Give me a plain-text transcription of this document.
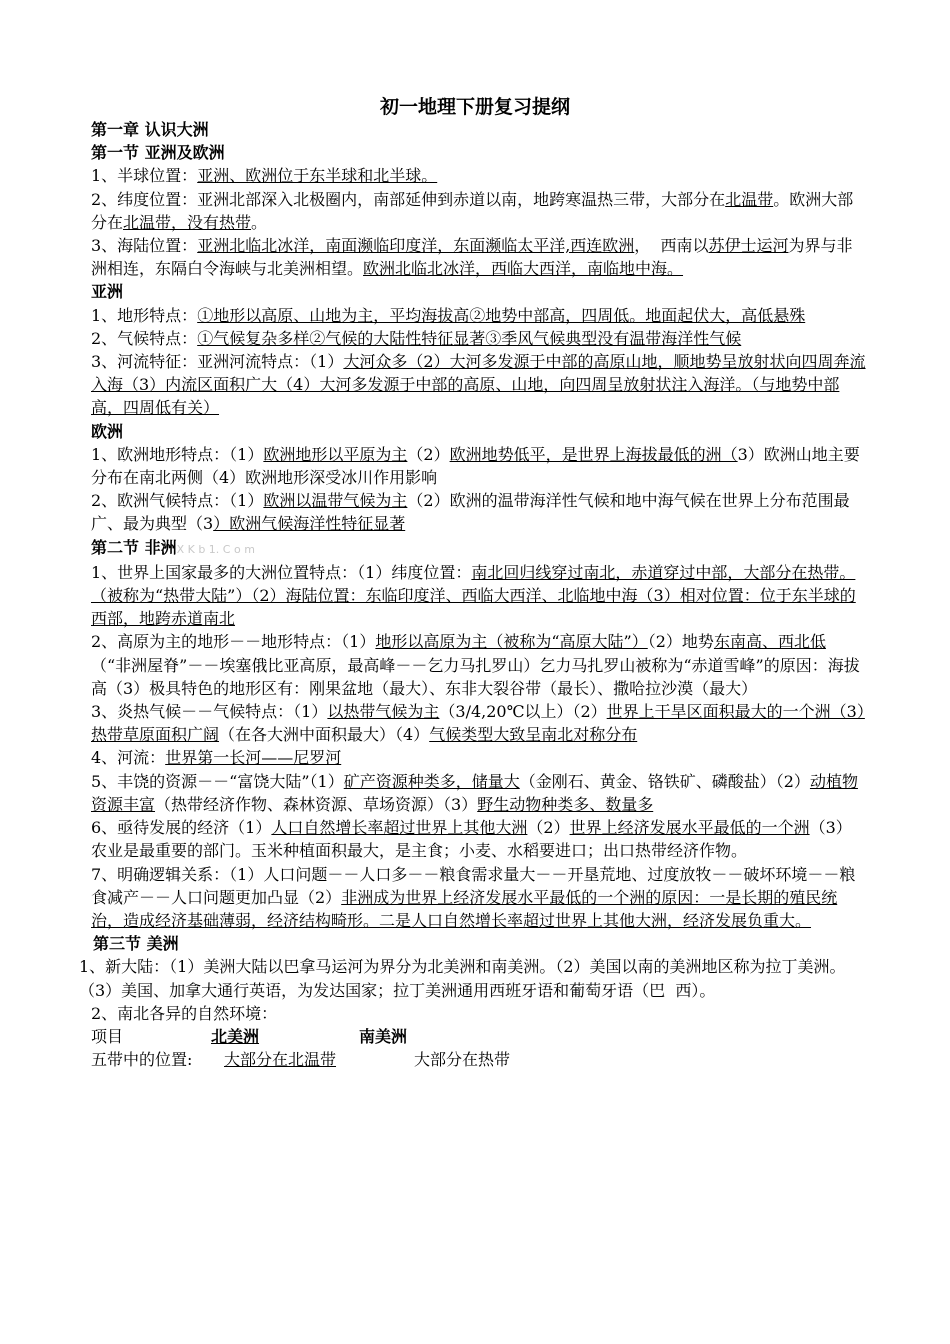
初一地理下册复习提纲

第一章 认识大洲

第一节 亚洲及欧洲

1、半球位置：亚洲、欧洲位于东半球和北半球。

2、纬度位置：亚洲北部深入北极圈内，南部延伸到赤道以南，地跨寒温热三带，大部分在北温带。欧洲大部分在北温带，没有热带。

3、海陆位置：亚洲北临北冰洋，南面濒临印度洋，东面濒临太平洋,西连欧洲，  西南以苏伊士运河为界与非洲相连，东隔白令海峡与北美洲相望。欧洲北临北冰洋，西临大西洋，南临地中海。

亚洲

1、地形特点：①地形以高原、山地为主，平均海拔高②地势中部高，四周低。地面起伏大，高低悬殊

2、气候特点：①气候复杂多样②气候的大陆性特征显著③季风气候典型没有温带海洋性气候

3、河流特征：亚洲河流特点：（1）大河众多（2）大河多发源于中部的高原山地，顺地势呈放射状向四周奔流入海（3）内流区面积广大（4）大河多发源于中部的高原、山地，向四周呈放射状注入海洋。（与地势中部高，四周低有关）

欧洲

1、欧洲地形特点：（1）欧洲地形以平原为主（2）欧洲地势低平，是世界上海拔最低的洲（3）欧洲山地主要分布在南北两侧（4）欧洲地形深受冰川作用影响

2、欧洲气候特点：（1）欧洲以温带气候为主（2）欧洲的温带海洋性气候和地中海气候在世界上分布范围最广、最为典型（3）欧洲气候海洋性特征显著

第二节 非洲X K b 1. C o m

1、世界上国家最多的大洲位置特点：（1）纬度位置：南北回归线穿过南北，赤道穿过中部，大部分在热带。（被称为“热带大陆”）（2）海陆位置：东临印度洋、西临大西洋、北临地中海（3）相对位置：位于东半球的西部，地跨赤道南北

2、高原为主的地形－－地形特点：（1）地形以高原为主（被称为“高原大陆”）（2）地势东南高、西北低（“非洲屋脊”－－埃塞俄比亚高原，最高峰－－乞力马扎罗山）乞力马扎罗山被称为“赤道雪峰”的原因：海拔高（3）极具特色的地形区有：刚果盆地（最大）、东非大裂谷带（最长）、撒哈拉沙漠（最大）

3、炎热气候－－气候特点：（1）以热带气候为主（3/4,20℃以上）（2）世界上干旱区面积最大的一个洲（3）热带草原面积广阔（在各大洲中面积最大）（4）气候类型大致呈南北对称分布

4、河流：世界第一长河——尼罗河

5、丰饶的资源－－“富饶大陆”（1）矿产资源种类多，储量大（金刚石、黄金、铬铁矿、磷酸盐）（2）动植物资源丰富（热带经济作物、森林资源、草场资源）（3）野生动物种类多、数量多

6、亟待发展的经济（1）人口自然增长率超过世界上其他大洲（2）世界上经济发展水平最低的一个洲（3）农业是最重要的部门。玉米种植面积最大，是主食；小麦、水稻要进口；出口热带经济作物。

7、明确逻辑关系：（1）人口问题－－人口多－－粮食需求量大－－开垦荒地、过度放牧－－破坏环境－－粮食减产－－人口问题更加凸显（2）非洲成为世界上经济发展水平最低的一个洲的原因：一是长期的殖民统治，造成经济基础薄弱，经济结构畸形。二是人口自然增长率超过世界上其他大洲，经济发展负重大。

第三节 美洲

1、新大陆：（1）美洲大陆以巴拿马运河为界分为北美洲和南美洲。（2）美国以南的美洲地区称为拉丁美洲。

（3）美国、加拿大通行英语，为发达国家；拉丁美洲通用西班牙语和葡萄牙语（巴  西）。

2、南北各异的自然环境：

项目	北美洲	南美洲

五带中的位置: 大部分在北温带	大部分在热带
